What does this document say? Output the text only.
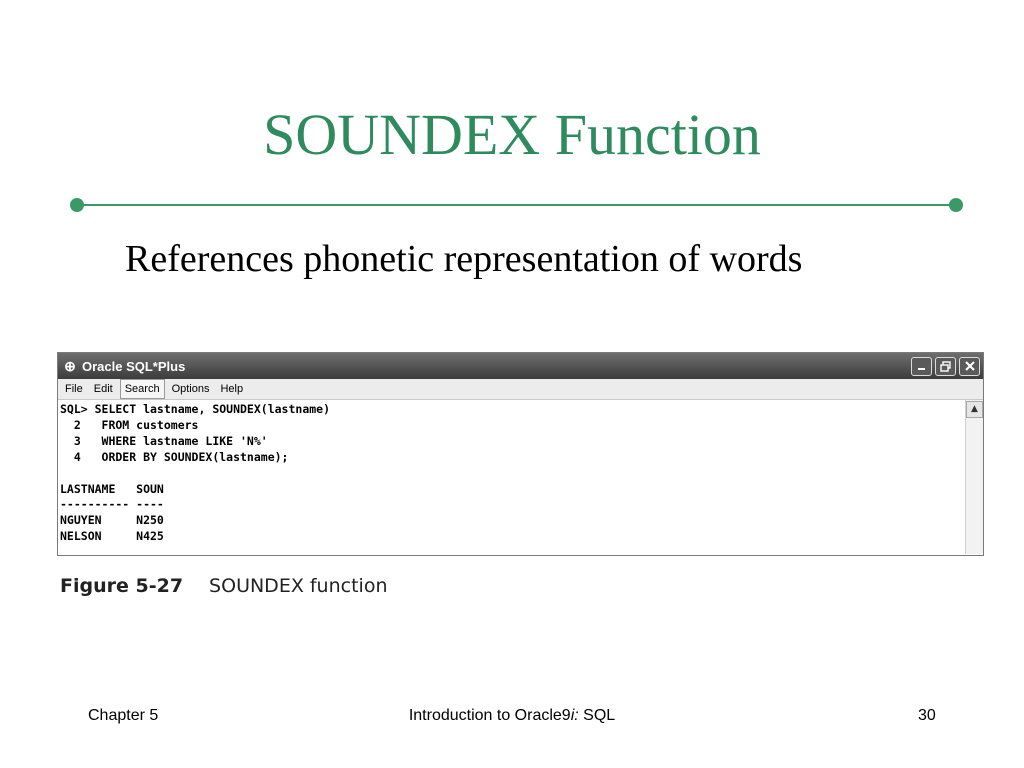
SOUNDEX Function
References phonetic representation of words
⊕ Oracle SQL*Plus
File	Edit	Search	Options	Help
SQL> SELECT lastname, SOUNDEX(lastname)
2   FROM customers
3   WHERE lastname LIKE 'N%'
4   ORDER BY SOUNDEX(lastname);

LASTNAME   SOUN
---------- ----
NGUYEN     N250
NELSON     N425
▲
Figure 5-27 SOUNDEX function
Chapter 5	Introduction to Oracle9i: SQL	30
